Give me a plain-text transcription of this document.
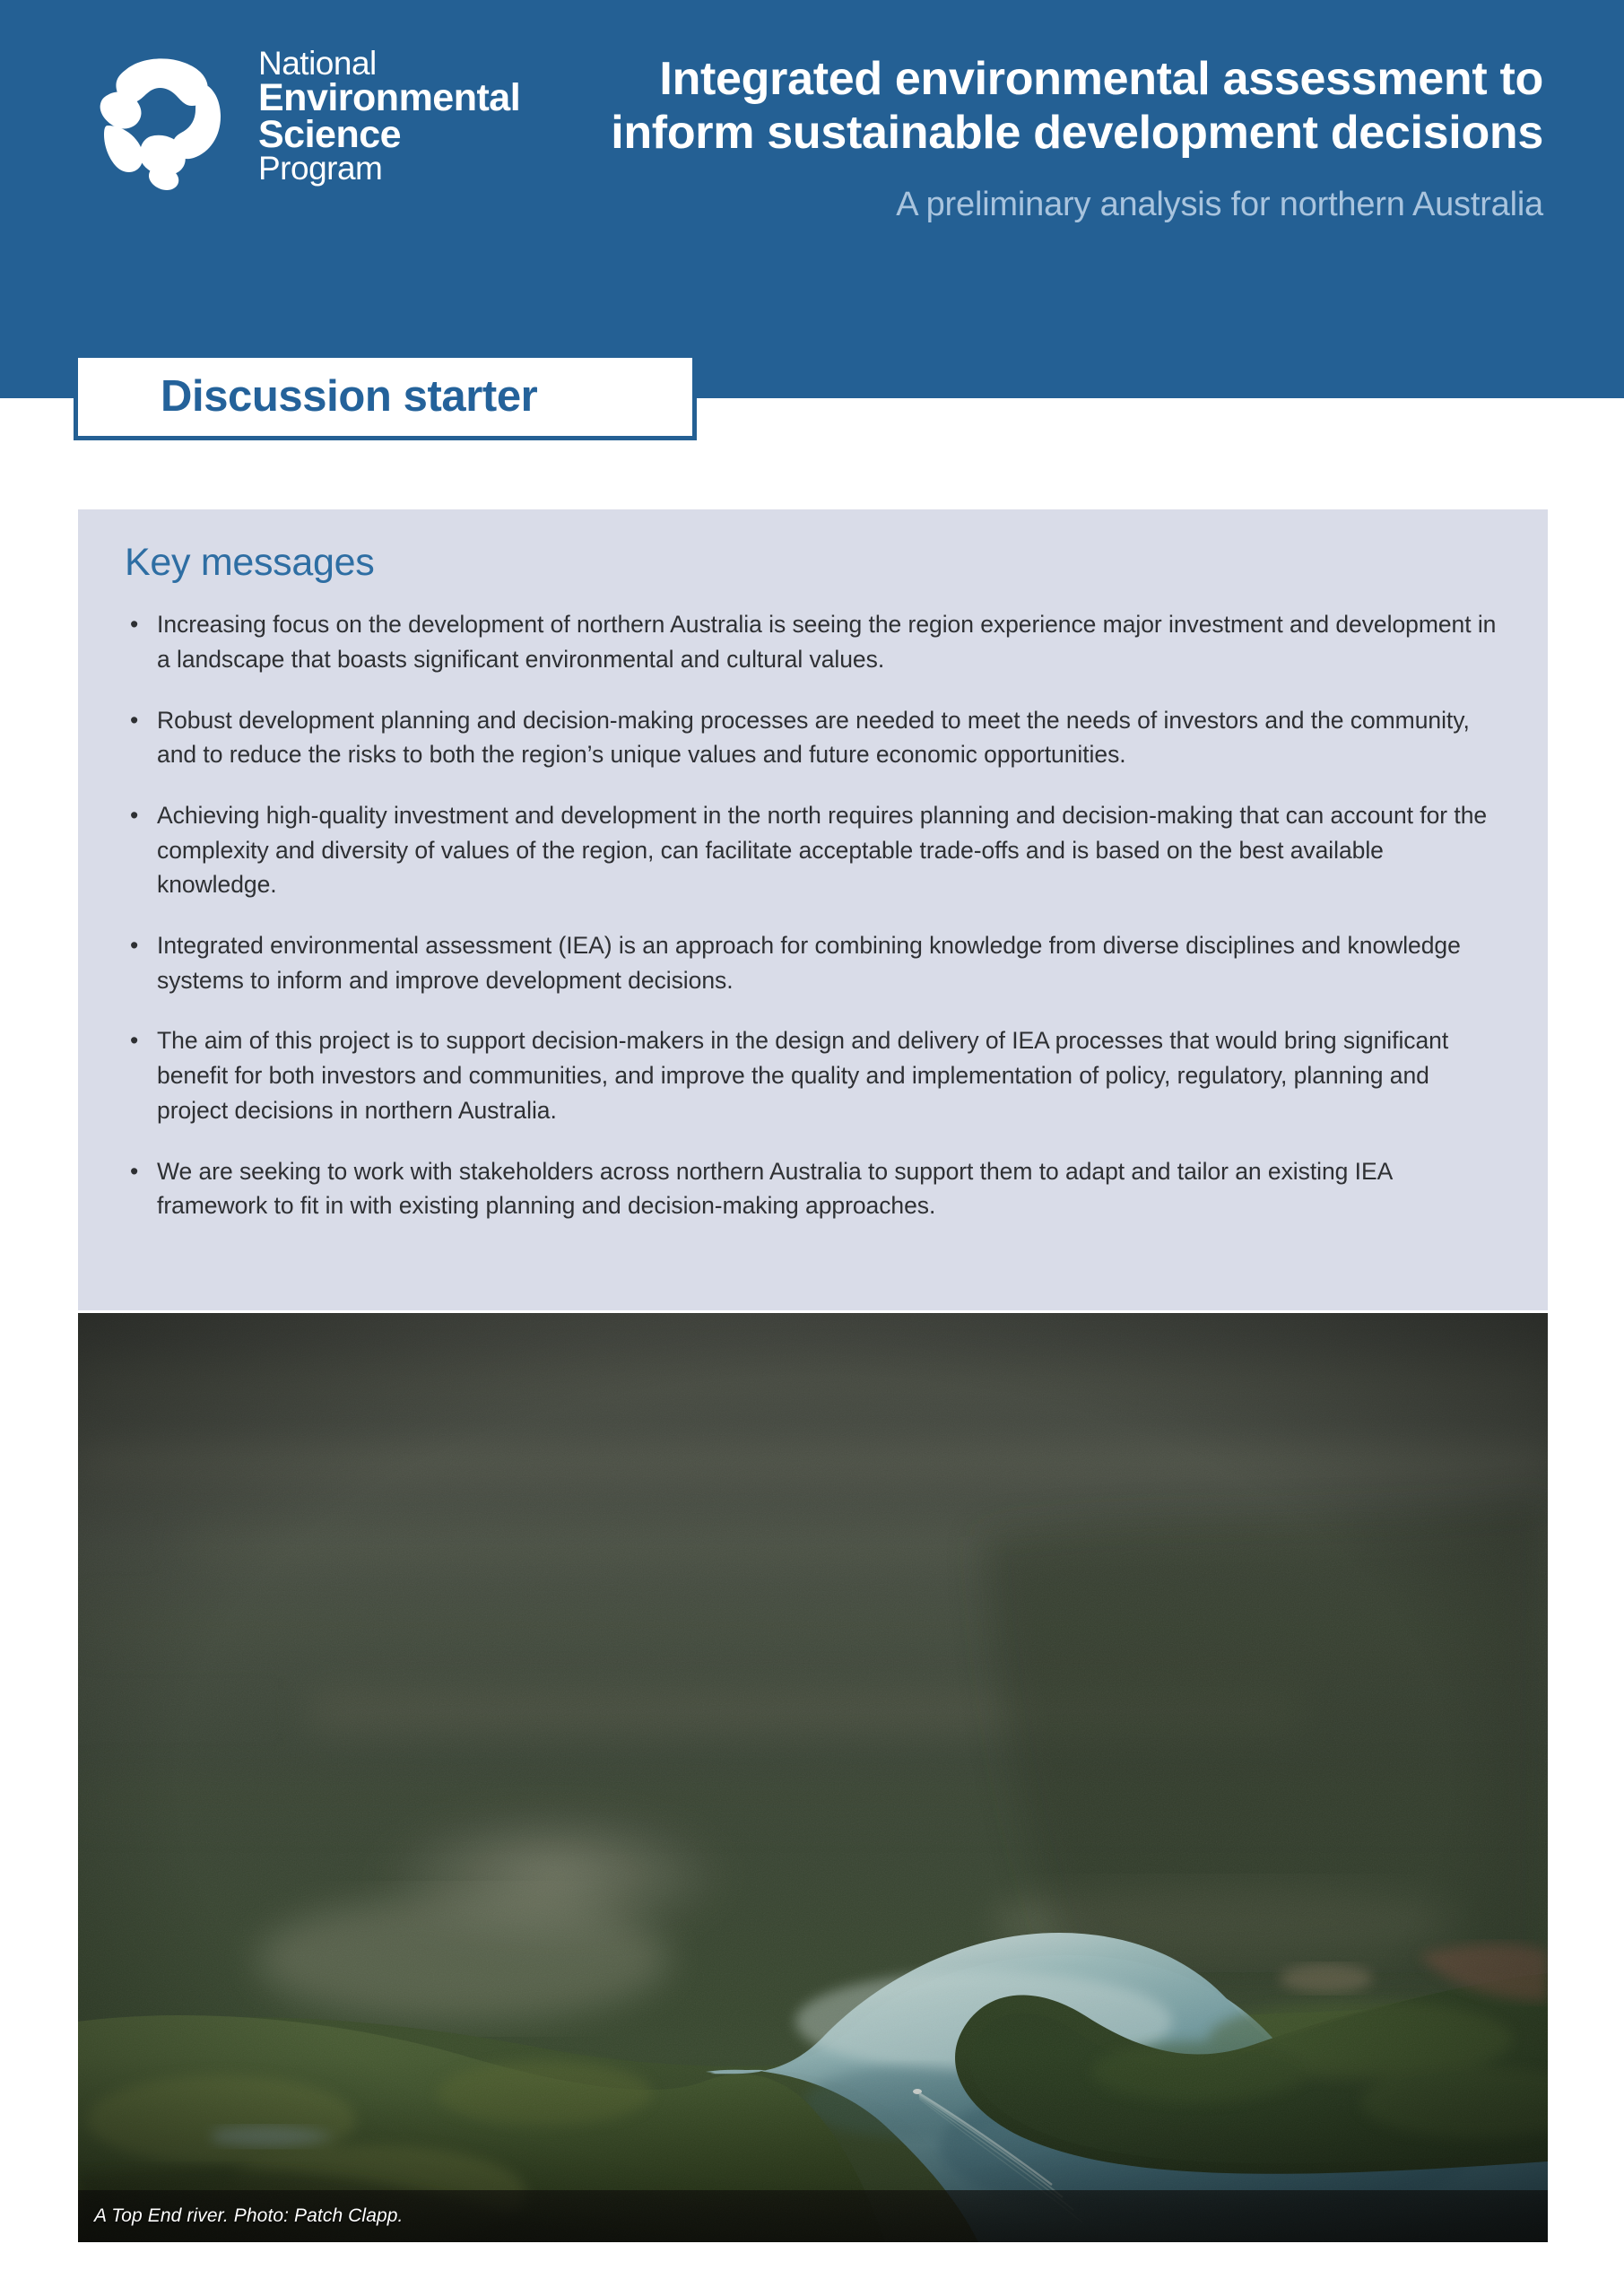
National
Environmental
Science
Program
Integrated environmental assessment to inform sustainable development decisions

A preliminary analysis for northern Australia

Discussion starter
Key messages
• Increasing focus on the development of northern Australia is seeing the region experience major investment and development in a landscape that boasts significant environmental and cultural values.
• Robust development planning and decision-making processes are needed to meet the needs of investors and the community, and to reduce the risks to both the region’s unique values and future economic opportunities.
• Achieving high-quality investment and development in the north requires planning and decision-making that can account for the complexity and diversity of values of the region, can facilitate acceptable trade-offs and is based on the best available knowledge.
• Integrated environmental assessment (IEA) is an approach for combining knowledge from diverse disciplines and knowledge systems to inform and improve development decisions.
• The aim of this project is to support decision-makers in the design and delivery of IEA processes that would bring significant benefit for both investors and communities, and improve the quality and implementation of policy, regulatory, planning and project decisions in northern Australia.
• We are seeking to work with stakeholders across northern Australia to support them to adapt and tailor an existing IEA framework to fit in with existing planning and decision-making approaches.
A Top End river. Photo: Patch Clapp.
